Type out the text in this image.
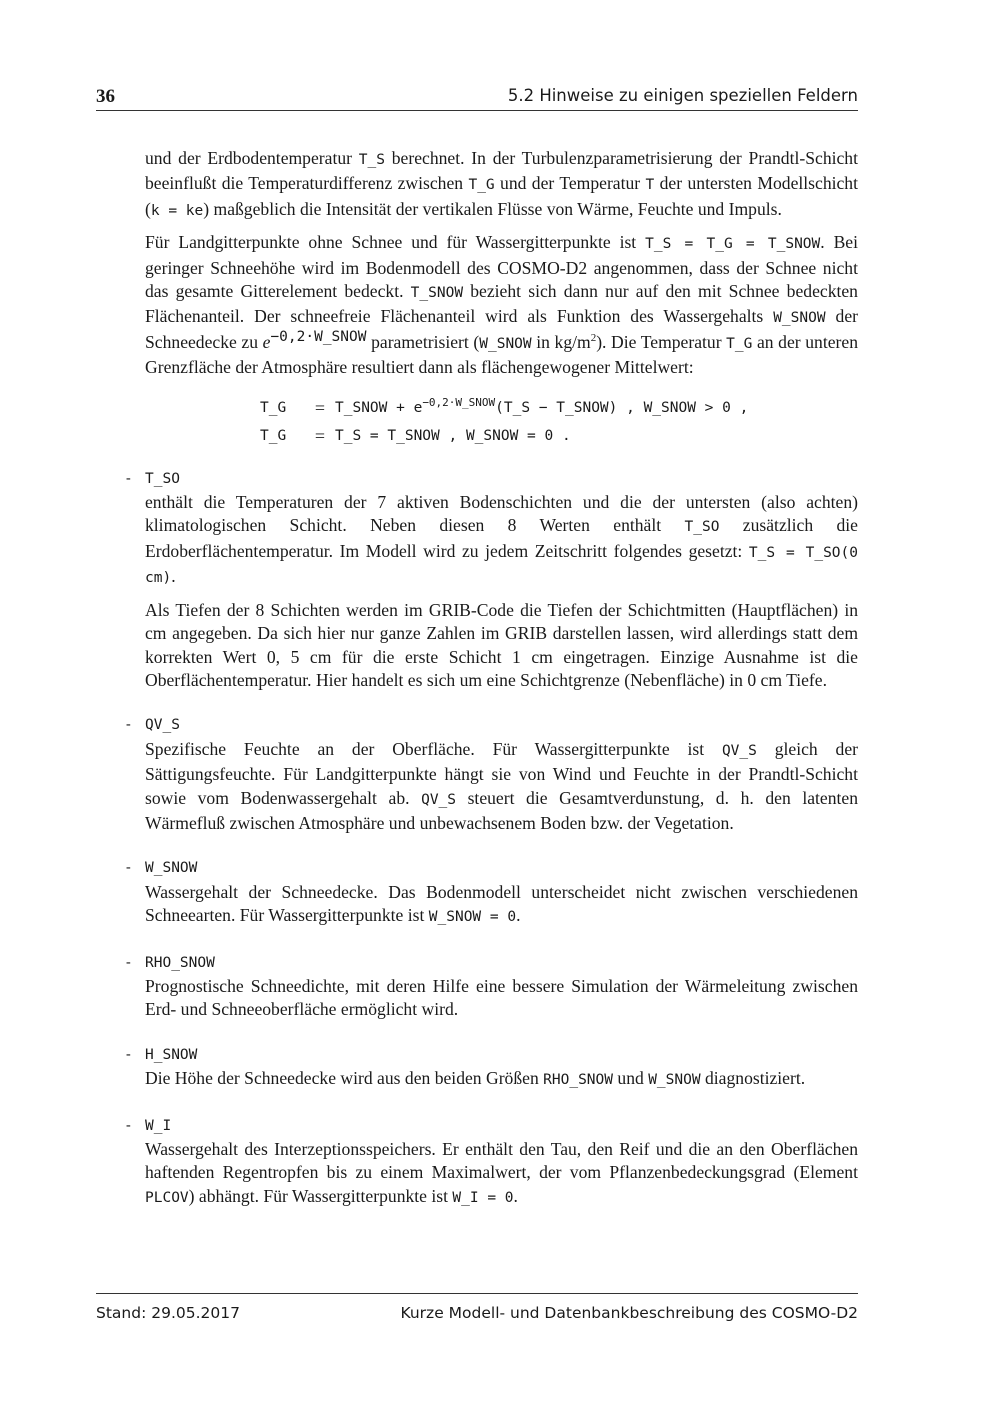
36	5.2 Hinweise zu einigen speziellen Feldern

und der Erdbodentemperatur T_S berechnet. In der Turbulenzparametrisierung der Prandtl-Schicht beeinflußt die Temperaturdifferenz zwischen T_G und der Temperatur T der untersten Modellschicht (k = ke) maßgeblich die Intensität der vertikalen Flüsse von Wärme, Feuchte und Impuls.

Für Landgitterpunkte ohne Schnee und für Wassergitterpunkte ist T_S = T_G = T_SNOW. Bei geringer Schneehöhe wird im Bodenmodell des COSMO-D2 angenommen, dass der Schnee nicht das gesamte Gitterelement bedeckt. T_SNOW bezieht sich dann nur auf den mit Schnee bedeckten Flächenanteil. Der schneefreie Flächenanteil wird als Funktion des Wassergehalts W_SNOW der Schneedecke zu $e^{-0,2\cdot W\_SNOW}$ parametrisiert (W_SNOW in $kg/m^2$). Die Temperatur T_G an der unteren Grenzfläche der Atmosphäre resultiert dann als flächengewogener Mittelwert:

T_G	= T_SNOW + $e^{-0,2\cdot W\_SNOW}(T\_S$ − T_SNOW) , W_SNOW > 0 ,
T_G	= T_S = T_SNOW , W_SNOW = 0 .
- T_SO

enthält die Temperaturen der 7 aktiven Bodenschichten und die der untersten (also achten) klimatologischen Schicht. Neben diesen 8 Werten enthält T_SO zusätzlich die Erdoberflächentemperatur. Im Modell wird zu jedem Zeitschritt folgendes gesetzt: T_S = T_SO(0 cm).

Als Tiefen der 8 Schichten werden im GRIB-Code die Tiefen der Schichtmitten (Hauptflächen) in cm angegeben. Da sich hier nur ganze Zahlen im GRIB darstellen lassen, wird allerdings statt dem korrekten Wert 0, 5 cm für die erste Schicht 1 cm eingetragen. Einzige Ausnahme ist die Oberflächentemperatur. Hier handelt es sich um eine Schichtgrenze (Nebenfläche) in 0 cm Tiefe.

- QV_S

Spezifische Feuchte an der Oberfläche. Für Wassergitterpunkte ist QV_S gleich der Sättigungsfeuchte. Für Landgitterpunkte hängt sie von Wind und Feuchte in der Prandtl-Schicht sowie vom Bodenwassergehalt ab. QV_S steuert die Gesamtverdunstung, d. h. den latenten Wärmefluß zwischen Atmosphäre und unbewachsenem Boden bzw. der Vegetation.

- W_SNOW

Wassergehalt der Schneedecke. Das Bodenmodell unterscheidet nicht zwischen verschiedenen Schneearten. Für Wassergitterpunkte ist W_SNOW = 0.

- RHO_SNOW

Prognostische Schneedichte, mit deren Hilfe eine bessere Simulation der Wärmeleitung zwischen Erd- und Schneeoberfläche ermöglicht wird.

- H_SNOW

Die Höhe der Schneedecke wird aus den beiden Größen RHO_SNOW und W_SNOW diagnostiziert.

- W_I

Wassergehalt des Interzeptionsspeichers. Er enthält den Tau, den Reif und die an den Oberflächen haftenden Regentropfen bis zu einem Maximalwert, der vom Pflanzenbedeckungsgrad (Element PLCOV) abhängt. Für Wassergitterpunkte ist W_I = 0.

Stand: 29.05.2017	Kurze Modell- und Datenbankbeschreibung des COSMO-D2
